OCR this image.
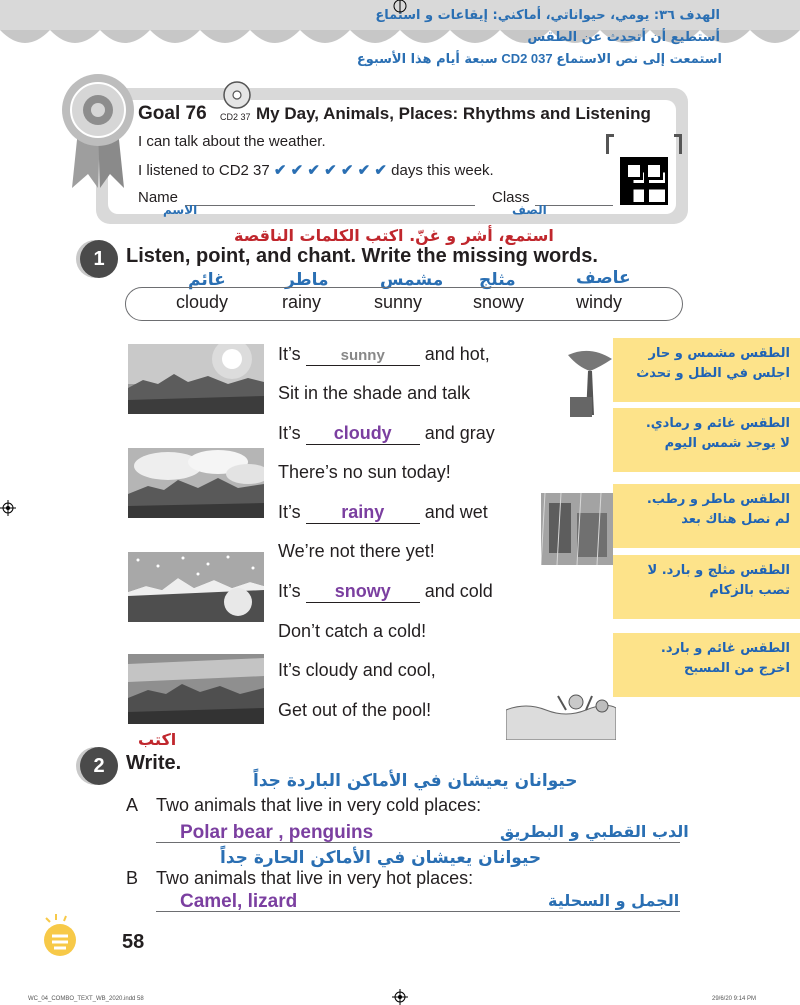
الهدف ٣٦: يومي، حيواناتي، أماكني: إيقاعات و استماع
أستطيع أن أتحدث عن الطقس
سبعة أيام هذا الأسبوع CD2 037 استمعت إلى نص الاستماع
Goal 76 CD2 37 My Day, Animals, Places: Rhythms and Listening
I can talk about the weather.
I listened to CD2 37 ✔ ✔ ✔ ✔ ✔ ✔ ✔ days this week.
Name
الاسم
Class
الصف
استمع، أشر و غنّ. اكتب الكلمات الناقصة
1	Listen, point, and chant. Write the missing words.
غائم	ماطر	مشمس مثلج	عاصف
cloudy	rainy	sunny	snowy	windy
It’s	sunny and hot,
Sit in the shade and talk
It’s cloudy and gray
There’s no sun today!
It’s rainy and wet
We’re not there yet!
It’s snowy and cold
Don’t catch a cold!
It’s cloudy and cool,
Get out of the pool!
الطقس مشمس و حار
اجلس في الظل و تحدث
الطقس غائم و رمادي.
لا يوجد شمس اليوم
الطقس ماطر و رطب.
لم نصل هناك بعد
الطقس مثلج و بارد. لا
تصب بالزكام
الطقس غائم و بارد.
اخرج من المسبح
اكتب
2	Write.
حيوانان يعيشان في الأماكن الباردة جداً
A Two animals that live in very cold places:
Polar bear , penguins	الدب القطبي و البطريق
حيوانان يعيشان في الأماكن الحارة جداً
B Two animals that live in very hot places:
Camel, lizard	الجمل و السحلية
58
WC_04_COMBO_TEXT_WB_2020.indd 58	29/6/20 9:14 PM
